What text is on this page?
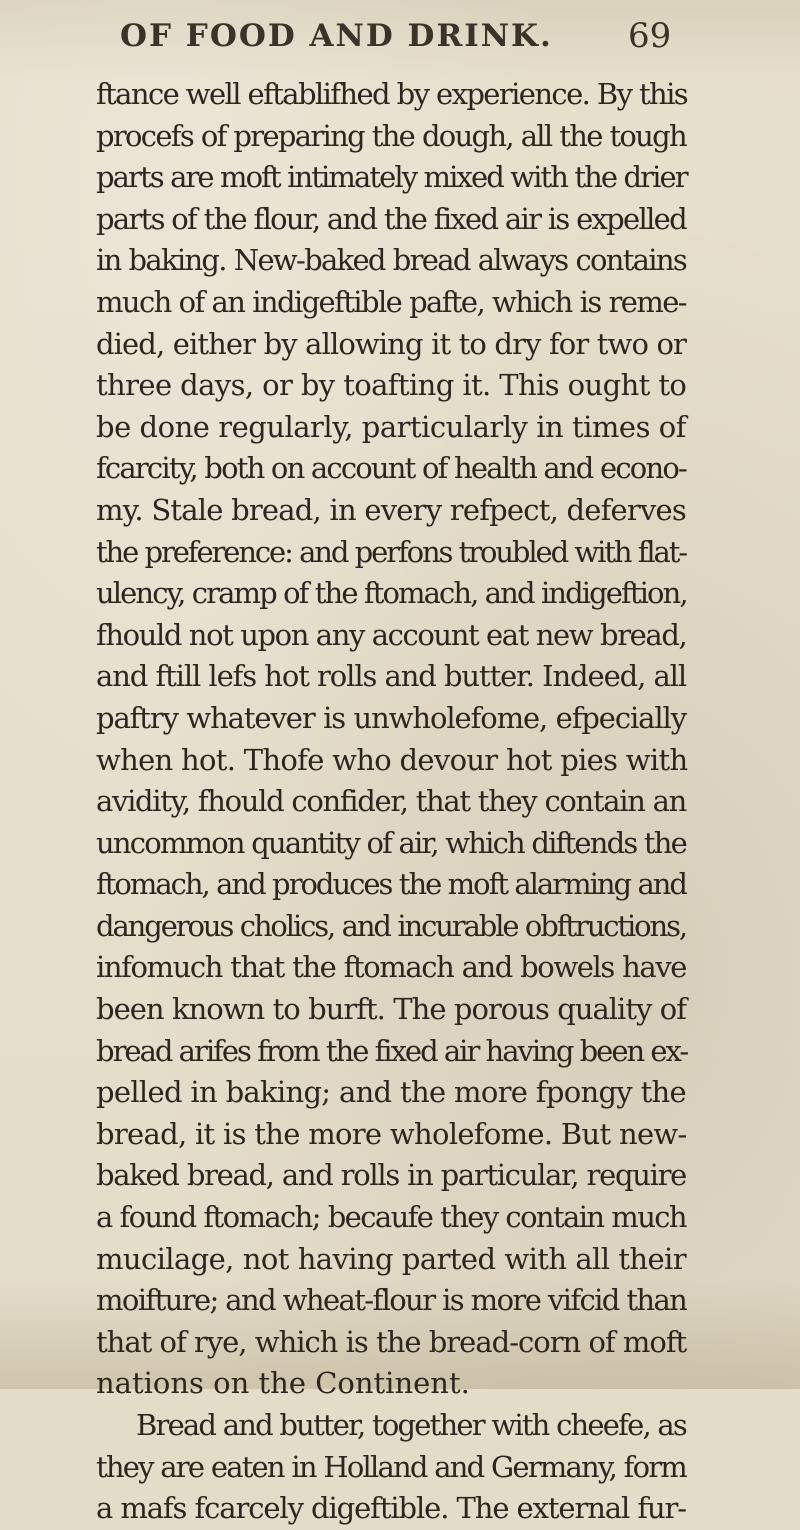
OF FOOD AND DRINK. 69
ftance well eftablifhed by experience. By this
procefs of preparing the dough, all the tough
parts are moft intimately mixed with the drier
parts of the flour, and the fixed air is expelled
in baking. New-baked bread always contains
much of an indigeftible pafte, which is reme-
died, either by allowing it to dry for two or
three days, or by toafting it. This ought to
be done regularly, particularly in times of
fcarcity, both on account of health and econo-
my. Stale bread, in every refpect, deferves
the preference: and perfons troubled with flat-
ulency, cramp of the ftomach, and indigeftion,
fhould not upon any account eat new bread,
and ftill lefs hot rolls and butter. Indeed, all
paftry whatever is unwholefome, efpecially
when hot. Thofe who devour hot pies with
avidity, fhould confider, that they contain an
uncommon quantity of air, which diftends the
ftomach, and produces the moft alarming and
dangerous cholics, and incurable obftructions,
infomuch that the ftomach and bowels have
been known to burft. The porous quality of
bread arifes from the fixed air having been ex-
pelled in baking; and the more fpongy the
bread, it is the more wholefome. But new-
baked bread, and rolls in particular, require
a found ftomach; becaufe they contain much
mucilage, not having parted with all their
moifture; and wheat-flour is more vifcid than
that of rye, which is the bread-corn of moft
nations on the Continent.
Bread and butter, together with cheefe, as
they are eaten in Holland and Germany, form
a mafs fcarcely digeftible. The external fur-
